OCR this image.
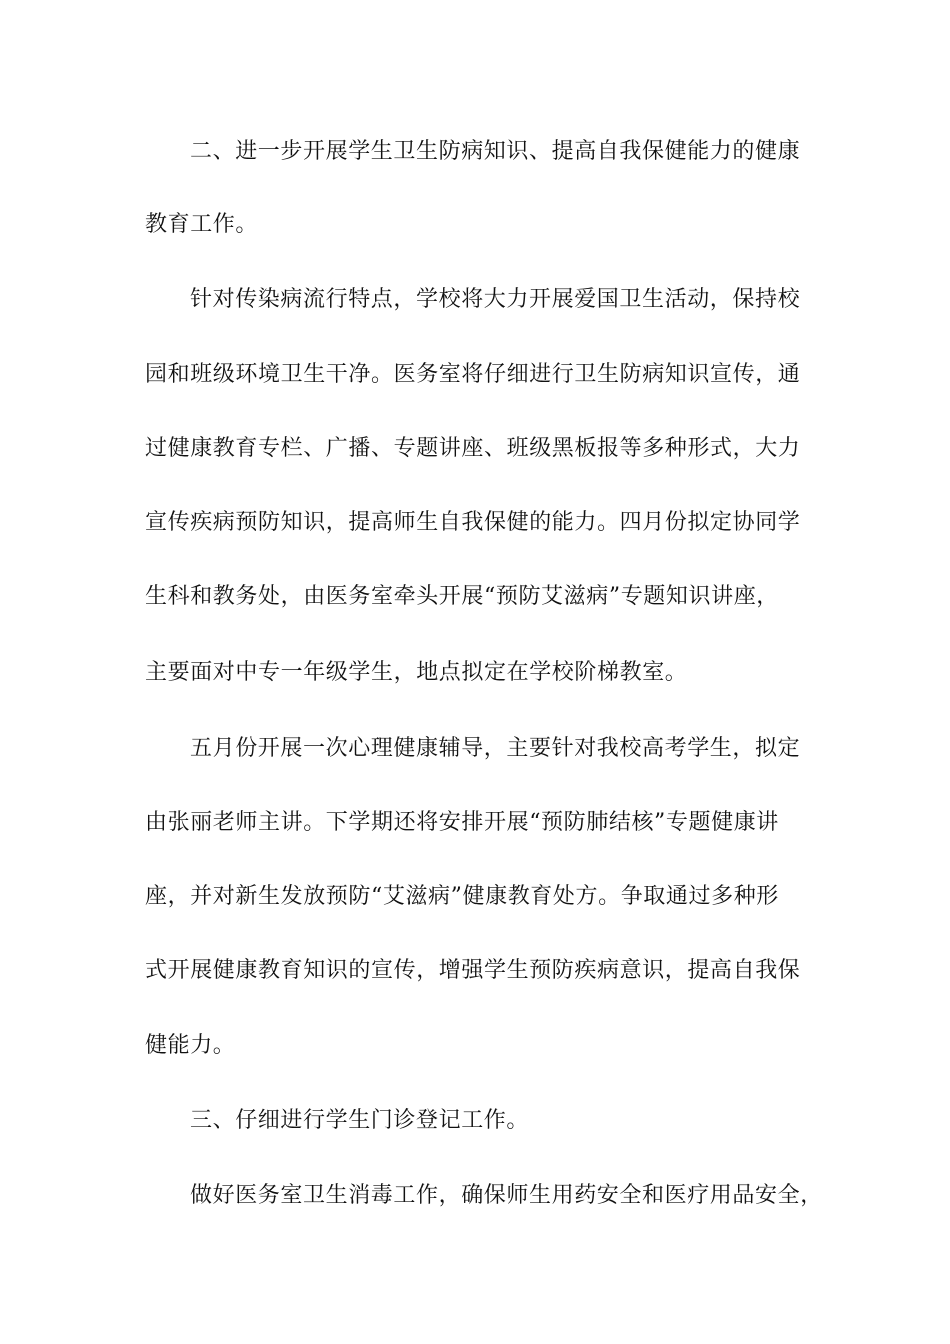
二、进一步开展学生卫生防病知识、提高自我保健能力的健康
教育工作。
针对传染病流行特点，学校将大力开展爱国卫生活动，保持校
园和班级环境卫生干净。医务室将仔细进行卫生防病知识宣传，通
过健康教育专栏、广播、专题讲座、班级黑板报等多种形式，大力
宣传疾病预防知识，提高师生自我保健的能力。四月份拟定协同学
生科和教务处，由医务室牵头开展“预防艾滋病”专题知识讲座，
主要面对中专一年级学生，地点拟定在学校阶梯教室。
五月份开展一次心理健康辅导，主要针对我校高考学生，拟定
由张丽老师主讲。下学期还将安排开展“预防肺结核”专题健康讲
座，并对新生发放预防“艾滋病”健康教育处方。争取通过多种形
式开展健康教育知识的宣传，增强学生预防疾病意识，提高自我保
健能力。
三、仔细进行学生门诊登记工作。
做好医务室卫生消毒工作，确保师生用药安全和医疗用品安全，
